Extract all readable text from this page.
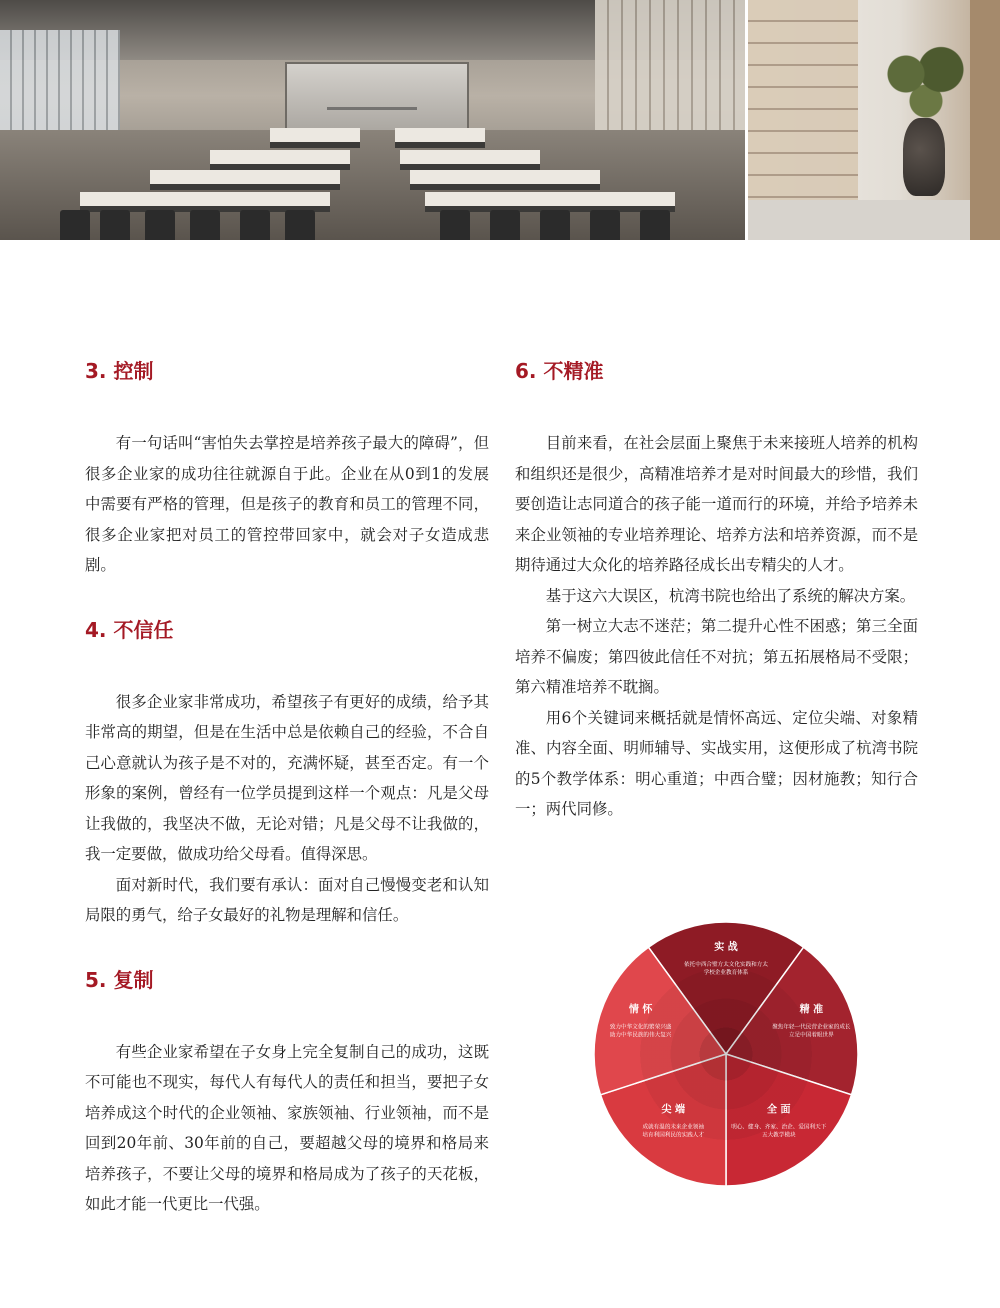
3. 控制

有一句话叫“害怕失去掌控是培养孩子最大的障碍”，但很多企业家的成功往往就源自于此。企业在从0到1的发展中需要有严格的管理，但是孩子的教育和员工的管理不同，很多企业家把对员工的管控带回家中，就会对子女造成悲剧。

4. 不信任

很多企业家非常成功，希望孩子有更好的成绩，给予其非常高的期望，但是在生活中总是依赖自己的经验，不合自己心意就认为孩子是不对的，充满怀疑，甚至否定。有一个形象的案例，曾经有一位学员提到这样一个观点：凡是父母让我做的，我坚决不做，无论对错；凡是父母不让我做的，我一定要做，做成功给父母看。值得深思。

面对新时代，我们要有承认：面对自己慢慢变老和认知局限的勇气，给子女最好的礼物是理解和信任。

5. 复制

有些企业家希望在子女身上完全复制自己的成功，这既不可能也不现实，每代人有每代人的责任和担当，要把子女培养成这个时代的企业领袖、家族领袖、行业领袖，而不是回到20年前、30年前的自己，要超越父母的境界和格局来培养孩子，不要让父母的境界和格局成为了孩子的天花板，如此才能一代更比一代强。

6. 不精准

目前来看，在社会层面上聚焦于未来接班人培养的机构和组织还是很少，高精准培养才是对时间最大的珍惜，我们要创造让志同道合的孩子能一道而行的环境，并给予培养未来企业领袖的专业培养理论、培养方法和培养资源，而不是期待通过大众化的培养路径成长出专精尖的人才。

基于这六大误区，杭湾书院也给出了系统的解决方案。

第一树立大志不迷茫；第二提升心性不困惑；第三全面培养不偏废；第四彼此信任不对抗；第五拓展格局不受限；第六精准培养不耽搁。

用6个关键词来概括就是情怀高远、定位尖端、对象精准、内容全面、明师辅导、实战实用，这便形成了杭湾书院的5个教学体系：明心重道；中西合璧；因材施教；知行合一；两代同修。

实 战
依托中西合璧方太文化实践和方太
学校企业教育体系
精 准
聚焦年轻一代民营企业家的成长
立足中国着眼世界
全 面
明心、健身、齐家、治企、爱国利天下
五大教学模块
尖 端
成就有温的未来企业领袖
培育利国利民的实践人才
情 怀
致力中华文化的繁荣兴盛
助力中华民族的伟大复兴
